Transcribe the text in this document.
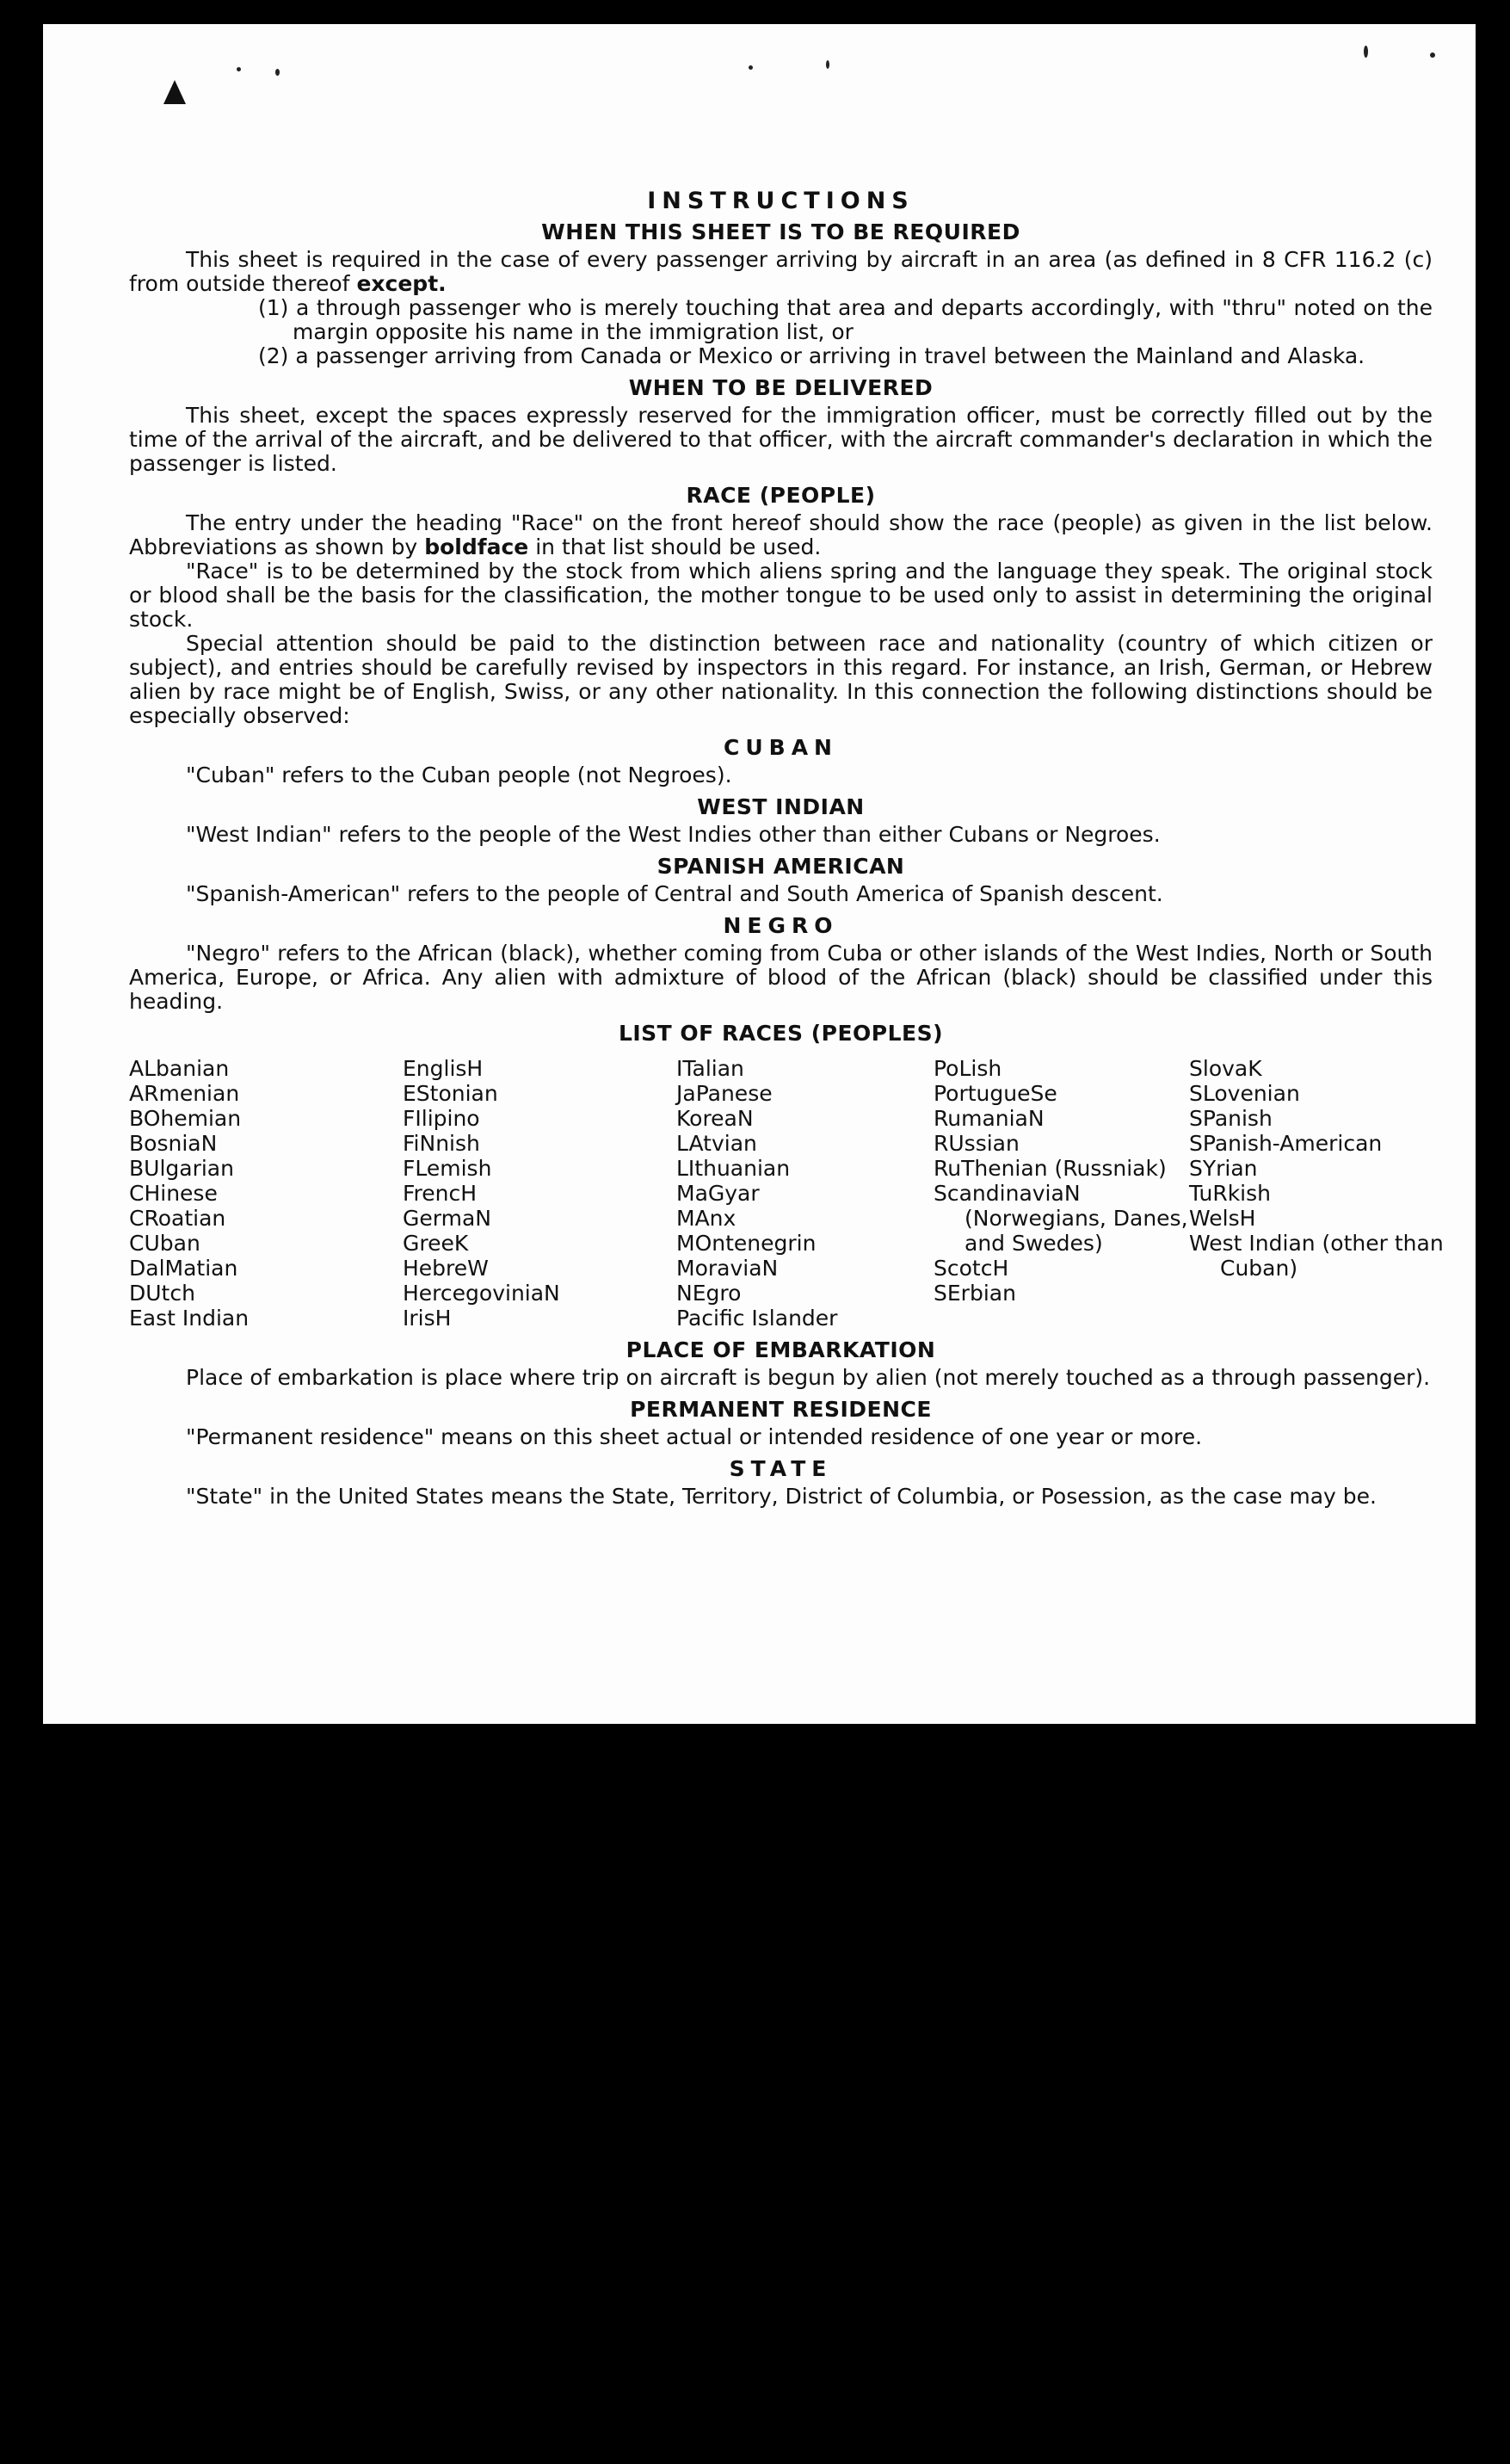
INSTRUCTIONS
WHEN THIS SHEET IS TO BE REQUIRED

This sheet is required in the case of every passenger arriving by aircraft in an area (as defined in 8 CFR 116.2 (c) from outside thereof except.

(1) a through passenger who is merely touching that area and departs accordingly, with "thru" noted on the margin opposite his name in the immigration list, or

(2) a passenger arriving from Canada or Mexico or arriving in travel between the Mainland and Alaska.

WHEN TO BE DELIVERED

This sheet, except the spaces expressly reserved for the immigration officer, must be correctly filled out by the time of the arrival of the aircraft, and be delivered to that officer, with the aircraft commander's declaration in which the passenger is listed.

RACE (PEOPLE)

The entry under the heading "Race" on the front hereof should show the race (people) as given in the list below. Abbreviations as shown by boldface in that list should be used.

"Race" is to be determined by the stock from which aliens spring and the language they speak. The original stock or blood shall be the basis for the classification, the mother tongue to be used only to assist in determining the original stock.

Special attention should be paid to the distinction between race and nationality (country of which citizen or subject), and entries should be carefully revised by inspectors in this regard. For instance, an Irish, German, or Hebrew alien by race might be of English, Swiss, or any other nationality. In this connection the following distinctions should be especially observed:

CUBAN

"Cuban" refers to the Cuban people (not Negroes).

WEST INDIAN

"West Indian" refers to the people of the West Indies other than either Cubans or Negroes.

SPANISH AMERICAN

"Spanish-American" refers to the people of Central and South America of Spanish descent.

NEGRO

"Negro" refers to the African (black), whether coming from Cuba or other islands of the West Indies, North or South America, Europe, or Africa. Any alien with admixture of blood of the African (black) should be classified under this heading.

LIST OF RACES (PEOPLES)
ALbanian
ARmenian
BOhemian
BosniaN
BUlgarian
CHinese
CRoatian
CUban
DalMatian
DUtch
East Indian
EnglisH
EStonian
FIlipino
FiNnish
FLemish
FrencH
GermaN
GreeK
HebreW
HercegoviniaN
IrisH
ITalian
JaPanese
KoreaN
LAtvian
LIthuanian
MaGyar
MAnx
MOntenegrin
MoraviaN
NEgro
Pacific Islander
PoLish
PortugueSe
RumaniaN
RUssian
RuThenian (Russniak)
ScandinaviaN
(Norwegians, Danes, and Swedes)
ScotcH
SErbian
SlovaK
SLovenian
SPanish
SPanish-American
SYrian
TuRkish
WelsH
West Indian (other than Cuban)
PLACE OF EMBARKATION

Place of embarkation is place where trip on aircraft is begun by alien (not merely touched as a through passenger).

PERMANENT RESIDENCE

"Permanent residence" means on this sheet actual or intended residence of one year or more.

STATE

"State" in the United States means the State, Territory, District of Columbia, or Posession, as the case may be.
